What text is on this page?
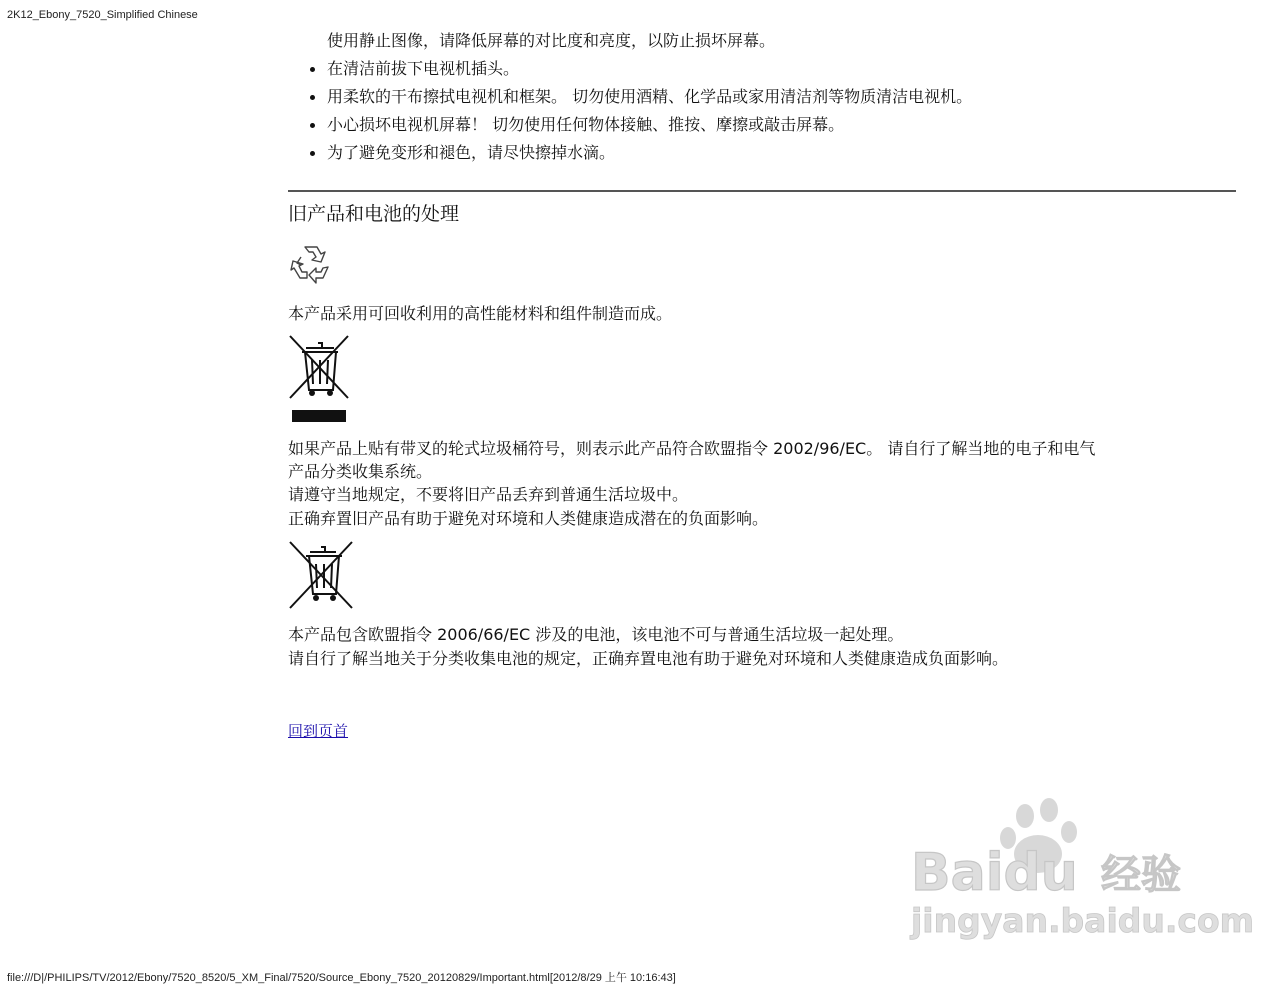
2K12_Ebony_7520_Simplified Chinese
使用静止图像，请降低屏幕的对比度和亮度，以防止损坏屏幕。
在清洁前拔下电视机插头。
用柔软的干布擦拭电视机和框架。 切勿使用酒精、化学品或家用清洁剂等物质清洁电视机。
小心损坏电视机屏幕！ 切勿使用任何物体接触、推按、摩擦或敲击屏幕。
为了避免变形和褪色，请尽快擦掉水滴。
旧产品和电池的处理
本产品采用可回收利用的高性能材料和组件制造而成。
如果产品上贴有带叉的轮式垃圾桶符号，则表示此产品符合欧盟指令 2002/96/EC。 请自行了解当地的电子和电气
产品分类收集系统。
请遵守当地规定，不要将旧产品丢弃到普通生活垃圾中。
正确弃置旧产品有助于避免对环境和人类健康造成潜在的负面影响。
本产品包含欧盟指令 2006/66/EC 涉及的电池，该电池不可与普通生活垃圾一起处理。
请自行了解当地关于分类收集电池的规定，正确弃置电池有助于避免对环境和人类健康造成负面影响。
回到页首
Baidu 经验
jingyan.baidu.com
file:///D|/PHILIPS/TV/2012/Ebony/7520_8520/5_XM_Final/7520/Source_Ebony_7520_20120829/Important.html[2012/8/29 上午 10:16:43]
